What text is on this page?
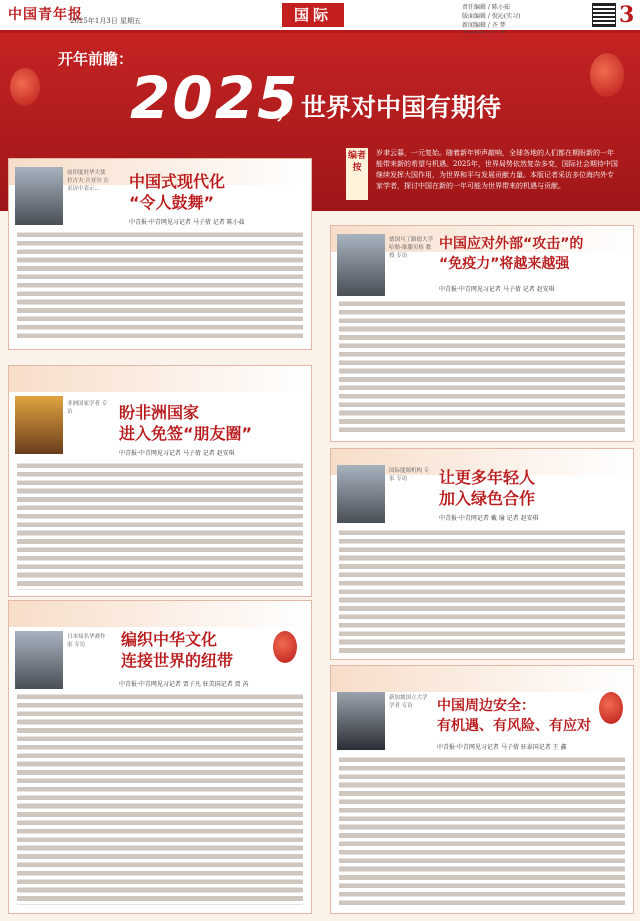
中国青年报
2025年1月3日 星期五	国际	责任编辑 / 陈小茹
版面编辑 / 倪沁(实习)
新闻编辑 / 齐 梦	3
开年前瞻：
2025
，世界对中国有期待
编者按
岁聿云暮，一元复始。随着新年钟声敲响，全球各地的人们都在期盼新的一年能带来新的希望与机遇。2025年，世界局势依然复杂多变，国际社会期待中国继续发挥大国作用，为世界和平与发展贡献力量。本版记者采访多位海内外专家学者，探讨中国在新的一年可能为世界带来的机遇与贡献。
前印度驻华大使 拉吉夫·吉亚尔 在采访中表示...	中国式现代化
“令人鼓舞”
中青报·中青网见习记者 马子倩 记者 陈小茹
德国马丁路德大学哈勒-维滕贝格 教授 专访
中国应对外部“攻击”的
“免疫力”将越来越强
中青报·中青网见习记者 马子倩 记者 赵安琪
非洲国家学者 专访	盼非洲国家
进入免签“朋友圈”
中青报·中青网见习记者 马子倩 记者 赵安琪
国际能源机构 专家 专访	让更多年轻人
加入绿色合作
中青报·中青网记者 戴 瑜 记者 赵安琪
日本知名华裔作家 专访	编织中华文化
连接世界的纽带
中青报·中青网见习记者 贾子凡 驻美国记者 贾 芮
新加坡国立大学 学者 专访	中国周边安全：
有机遇、有风险、有应对
中青报·中青网见习记者 马子倩 驻泰国记者 王 鑫
